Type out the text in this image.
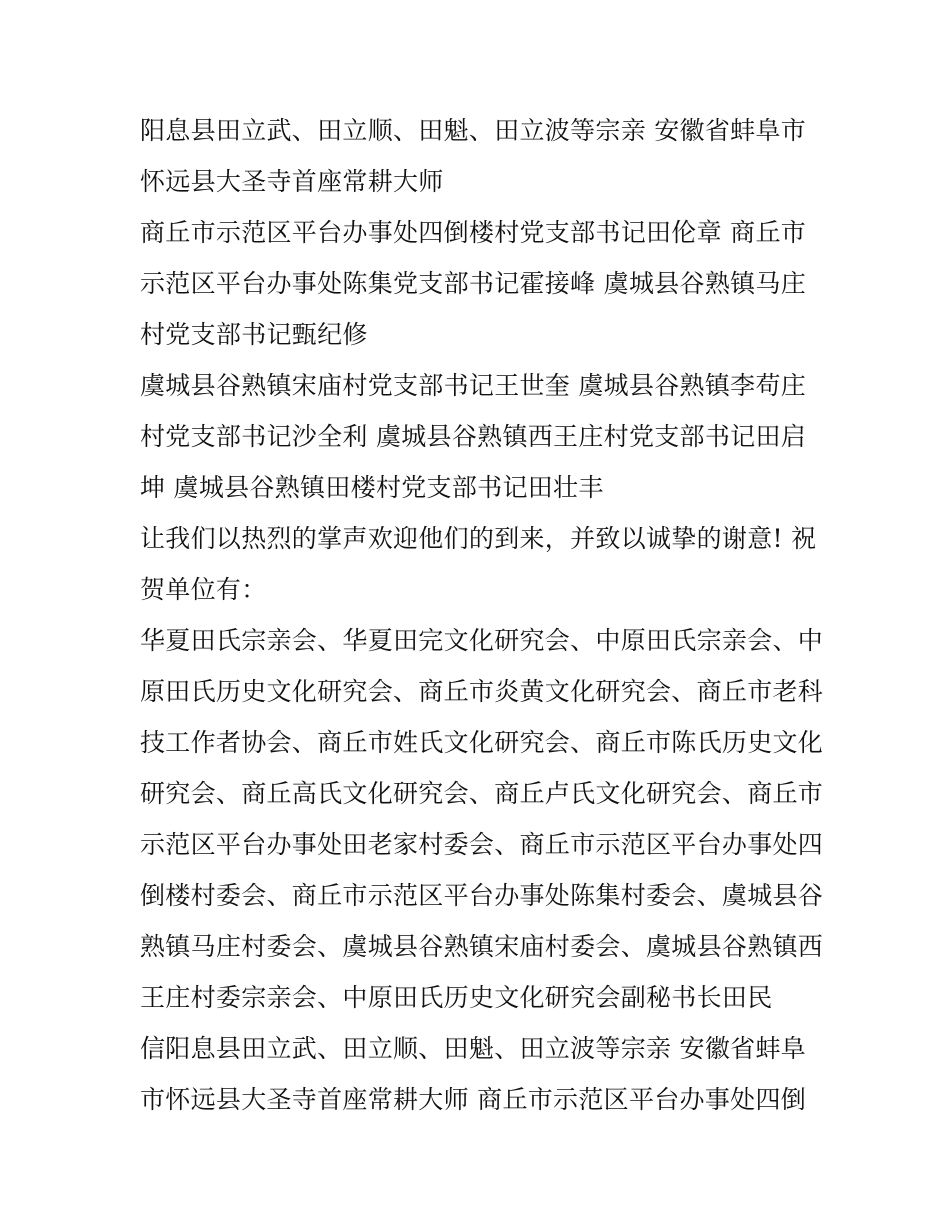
阳息县田立武、田立顺、田魁、田立波等宗亲 安徽省蚌阜市
怀远县大圣寺首座常耕大师

商丘市示范区平台办事处四倒楼村党支部书记田伦章 商丘市
示范区平台办事处陈集党支部书记霍接峰 虞城县谷熟镇马庄
村党支部书记甄纪修

虞城县谷熟镇宋庙村党支部书记王世奎 虞城县谷熟镇李苟庄
村党支部书记沙全利 虞城县谷熟镇西王庄村党支部书记田启
坤 虞城县谷熟镇田楼村党支部书记田壮丰

让我们以热烈的掌声欢迎他们的到来，并致以诚挚的谢意! 祝
贺单位有：

华夏田氏宗亲会、华夏田完文化研究会、中原田氏宗亲会、中
原田氏历史文化研究会、商丘市炎黄文化研究会、商丘市老科
技工作者协会、商丘市姓氏文化研究会、商丘市陈氏历史文化
研究会、商丘高氏文化研究会、商丘卢氏文化研究会、商丘市
示范区平台办事处田老家村委会、商丘市示范区平台办事处四
倒楼村委会、商丘市示范区平台办事处陈集村委会、虞城县谷
熟镇马庄村委会、虞城县谷熟镇宋庙村委会、虞城县谷熟镇西
王庄村委宗亲会、中原田氏历史文化研究会副秘书长田民

信阳息县田立武、田立顺、田魁、田立波等宗亲 安徽省蚌阜
市怀远县大圣寺首座常耕大师 商丘市示范区平台办事处四倒
